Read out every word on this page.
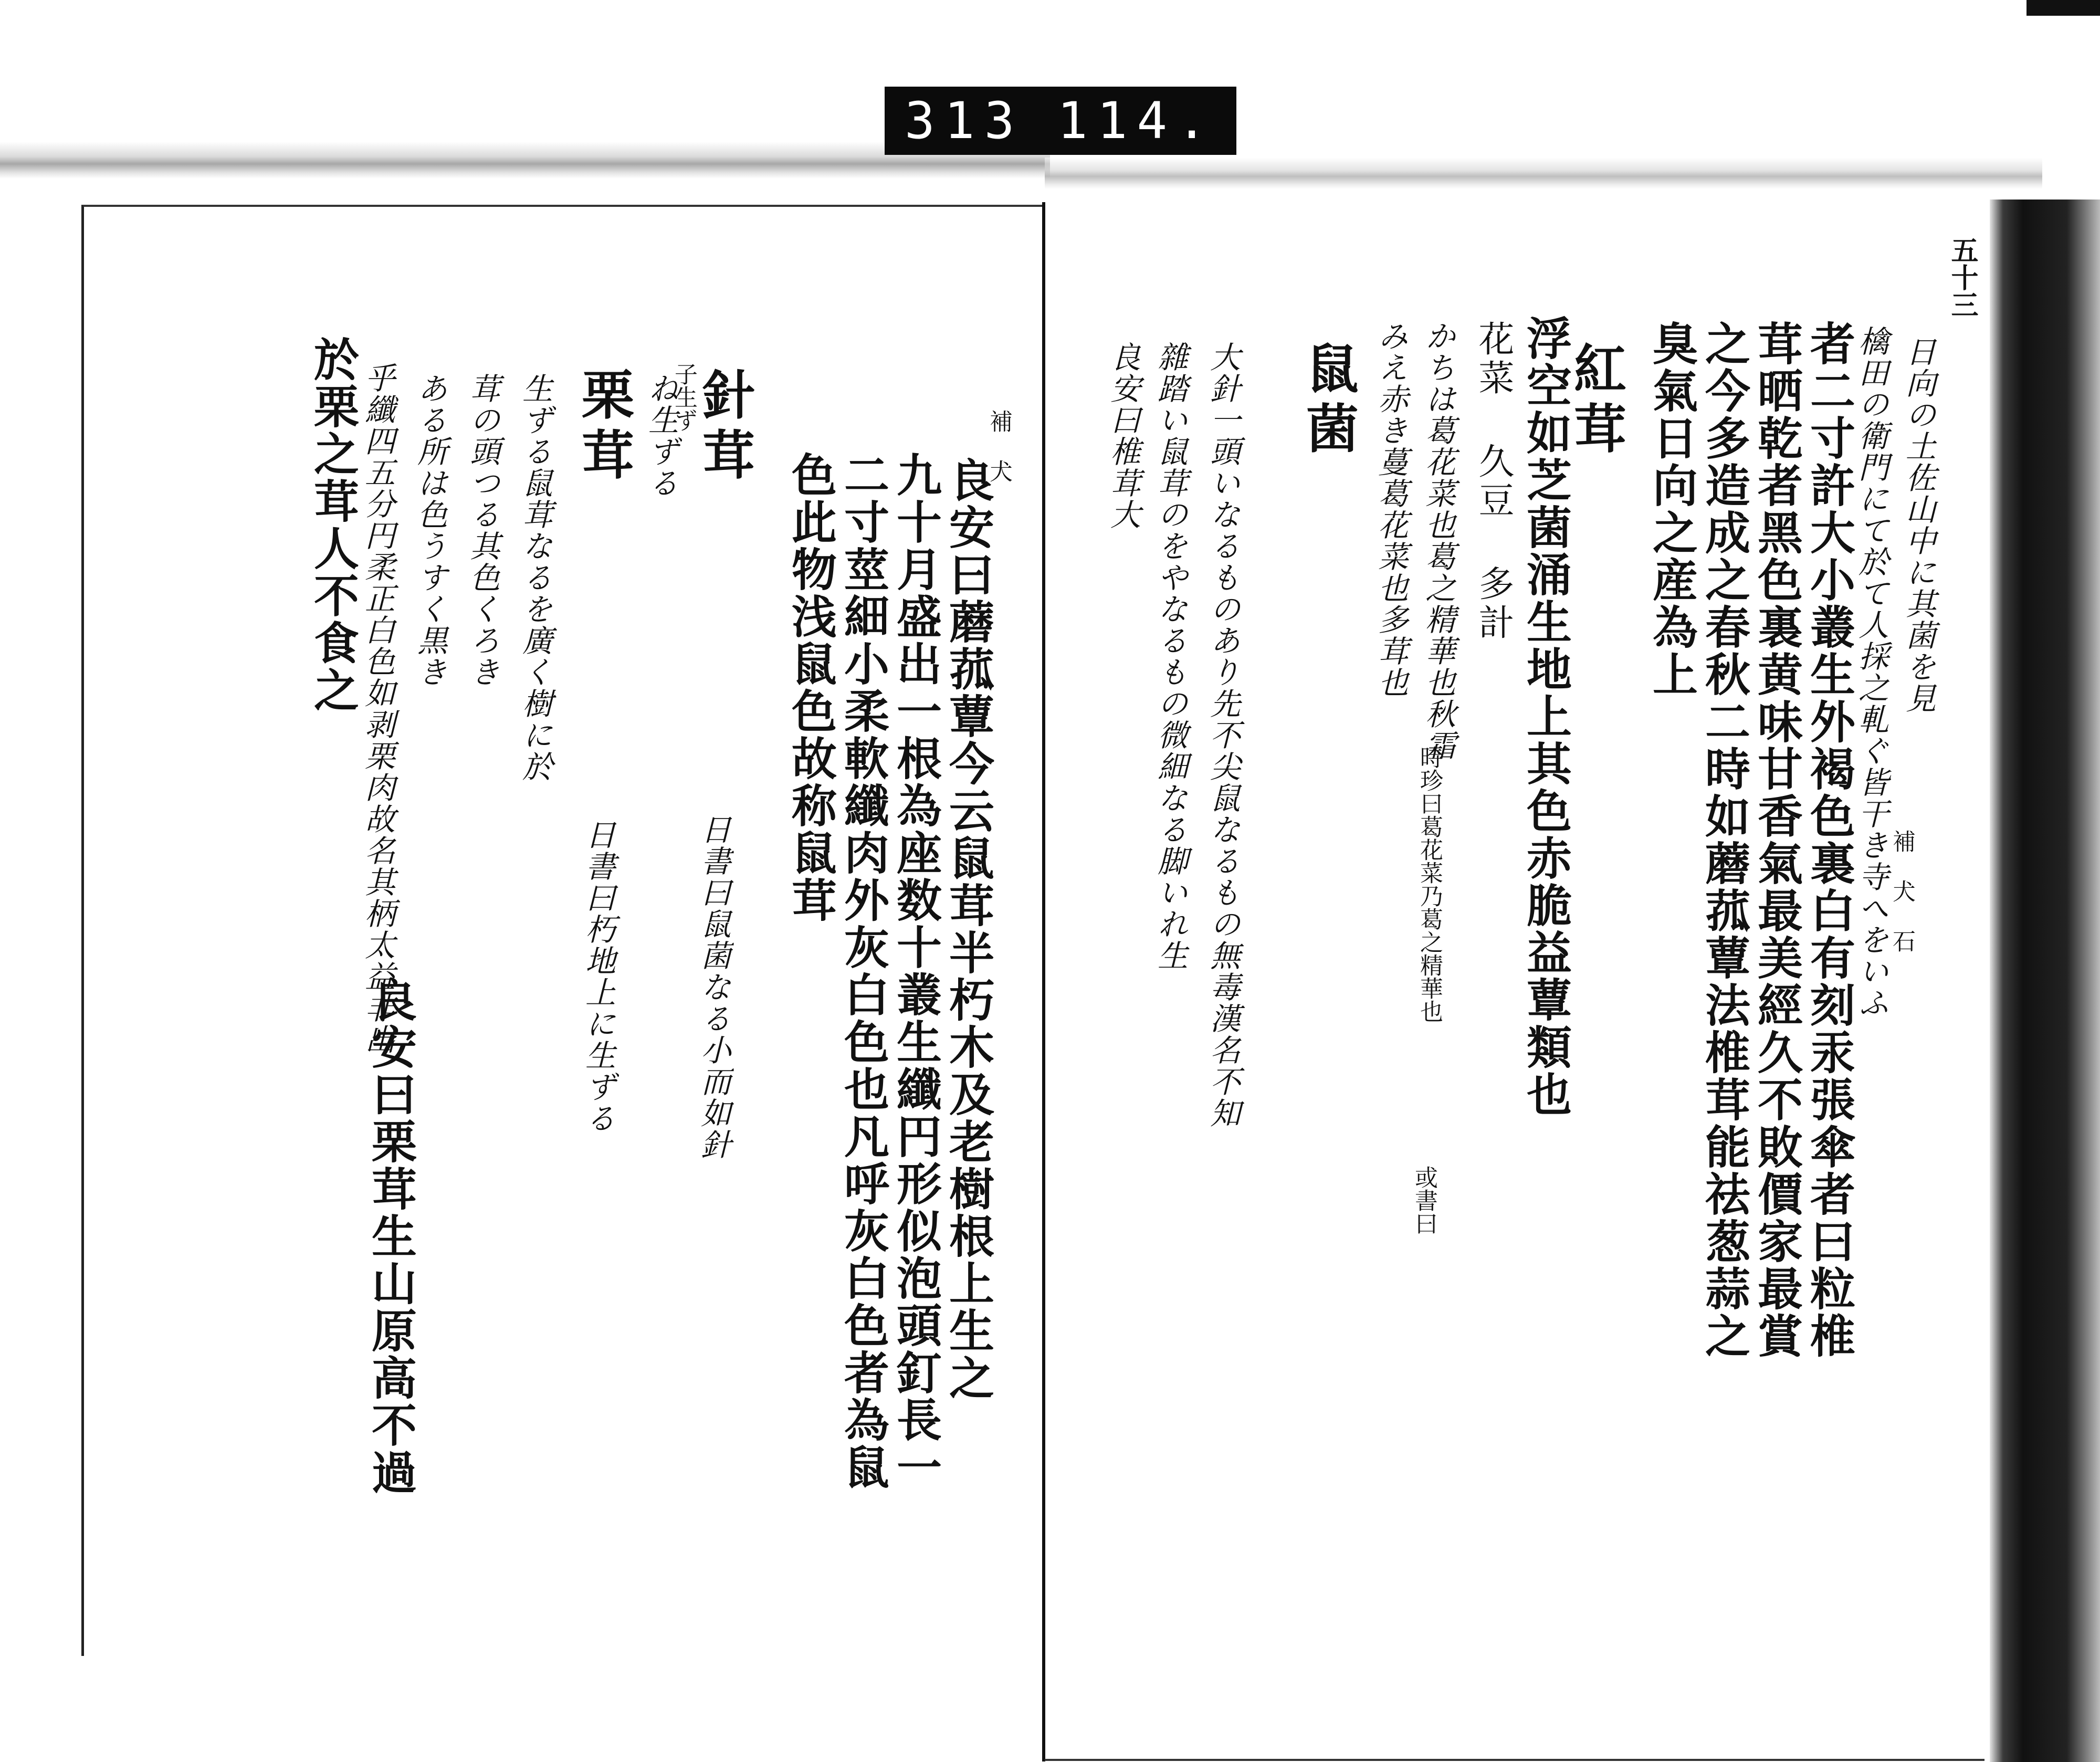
313 114.
五十三
日向の土佐山中に其菌を見
檎田の衛門にて於て人採之軋ぐ皆干き寺へをいふ
者二寸許大小叢生外褐色裏白有刻汞張傘者曰粒椎
茸晒乾者黑色裏黄味甘香氣最美經久不敗價家最賞
之今多造成之春秋二時如蘑菰蕈法椎茸能祛葱蒜之
臭氣日向之産為上
紅茸
浮空如芝菌涌生地上其色赤脆益蕈類也
花菜 久豆 多計
かちは葛花菜也葛之精華也秋霜
みえ赤き蔓葛花菜也多茸也
鼠菌
大針一頭いなるものあり先不尖鼠なるもの無毒漢名不知
雜踏い鼠茸のをやなるもの微細なる脚いれ生
良安曰椎茸大
良安曰蘑菰蕈今云鼠茸半朽木及老樹根上生之
九十月盛出一根為座数十叢生纖円形似泡頭釘長一
二寸莖細小柔軟纖肉外灰白色也凡呼灰白色者為鼠
色此物浅鼠色故称鼠茸
日書曰鼠菌なる小而如針
針茸
ね生ずる
日書曰朽地上に生ずる
栗茸
生ずる鼠茸なるを廣く樹に於
茸の頭つる其色くろき
ある所は色うすく黒き
良安曰栗茸生山原高不過
乎纖四五分円柔正白色如剥栗肉故名其柄太益非出
於栗之茸人不食之
補 犬 石
補 犬
時珍曰葛花菜乃葛之精華也
或書曰
子生ず
